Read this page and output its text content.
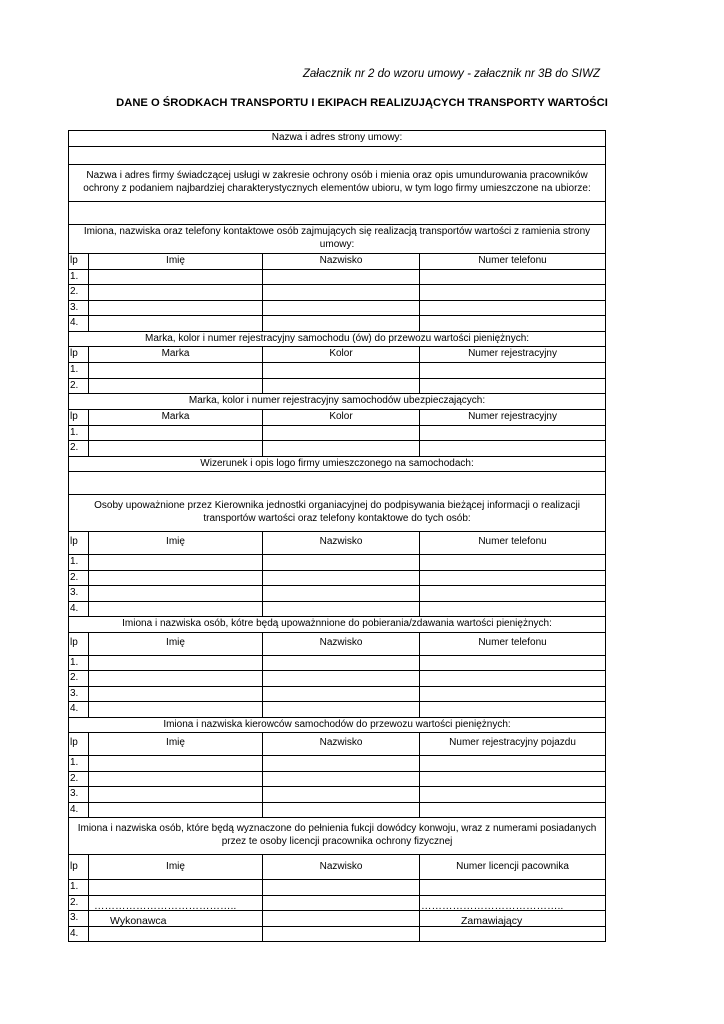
Załacznik nr 2 do wzoru umowy - załacznik nr 3B do SIWZ
DANE O ŚRODKACH TRANSPORTU I EKIPACH REALIZUJĄCYCH TRANSPORTY WARTOŚCI
Nazwa i adres strony umowy:			

Nazwa i adres firmy świadczącej usługi w zakresie ochrony osób i mienia oraz opis umundurowania pracowników ochrony z podaniem najbardziej charakterystycznych elementów ubioru, w tym logo firmy umieszczone na ubiorze:			

Imiona, nazwiska oraz telefony kontaktowe osób zajmujących się realizacją transportów wartości z ramienia strony umowy:			
lp	Imię	Nazwisko	Numer telefonu
1.			
2.			
3.			
4.			
Marka, kolor i numer rejestracyjny samochodu (ów) do przewozu wartości pieniężnych:			
lp	Marka	Kolor	Numer rejestracyjny
1.			
2.			
Marka, kolor i numer rejestracyjny samochodów ubezpieczających:			
lp	Marka	Kolor	Numer rejestracyjny
1.			
2.			
Wizerunek i opis logo firmy umieszczonego na samochodach:			

Osoby upoważnione przez Kierownika jednostki organiacyjnej do podpisywania bieżącej informacji o realizacji transportów wartości oraz telefony kontaktowe do tych osób:			
lp	Imię	Nazwisko	Numer telefonu
1.			
2.			
3.			
4.			
Imiona i nazwiska osób, kótre będą upoważnnione do pobierania/zdawania wartości pieniężnych:			
lp	Imię	Nazwisko	Numer telefonu
1.			
2.			
3.			
4.			
Imiona i nazwiska kierowców samochodów do przewozu wartości pieniężnych:			
lp	Imię	Nazwisko	Numer rejestracyjny pojazdu
1.			
2.			
3.			
4.			
Imiona i nazwiska osób, które będą wyznaczone do pełnienia fukcji dowódcy konwoju, wraz z numerami posiadanych przez te osoby licencji pracownika ochrony fizycznej			
lp	Imię	Nazwisko	Numer licencji pacownika
1.			
2.			
3.			
4.			
…………………………………..
Wykonawca
…………………………………..
Zamawiający
